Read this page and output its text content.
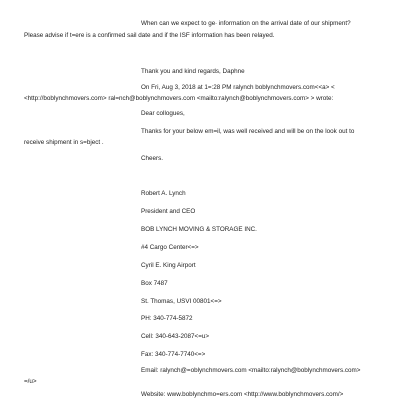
When can we expect to ge∙ information on the arrival date of our shipment?
Please advise if t=ere is a confirmed sail date and if the ISF information has been relayed.
Thank you and kind regards, Daphne
On Fri, Aug 3, 2018 at 1=:28 PM ralynch boblynchmovers.com<<a> <
<http://boblynchmovers.com> ral=nch@boblynchmovers.com <mailto:ralynch@boblynchmovers.com> > wrote:
Dear collogues,
Thanks for your below em=il, was well received and will be on the look out to
receive shipment in s=bject .
Cheers.
Robert A. Lynch
President and CEO
BOB LYNCH MOVING & STORAGE INC.
#4 Cargo Center<=>
Cyril E. King Airport
Box 7487
St. Thomas, USVI 00801<=>
PH: 340-774-5872
Cell: 340-643-2087<=u>
Fax: 340-774-7740<=>
Email: ralynch@=oblynchmovers.com <mailto:ralynch@boblynchmovers.com>
=/u>
Website: www.boblynchmo=ers.com <http://www.boblynchmovers.com/>
